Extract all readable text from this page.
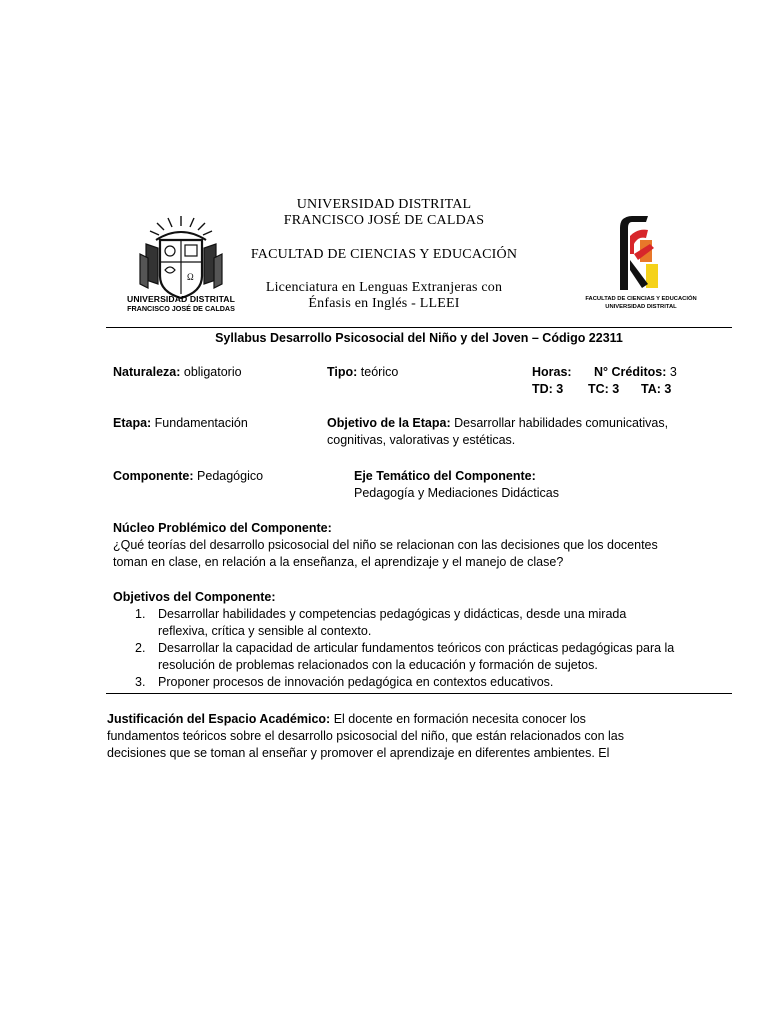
UNIVERSIDAD DISTRITAL
FRANCISCO JOSÉ DE CALDAS
FACULTAD DE CIENCIAS Y EDUCACIÓN
Licenciatura en Lenguas Extranjeras con
Énfasis en Inglés - LLEEI
Ω
UNIVERSIDAD DISTRITAL
FRANCISCO JOSÉ DE CALDAS
FACULTAD DE CIENCIAS Y EDUCACIÓN
UNIVERSIDAD DISTRITAL
Syllabus Desarrollo Psicosocial del Niño y del Joven – Código 22311
Naturaleza: obligatorio	Tipo: teórico	Horas: N° Créditos: 3
TD: 3 TC: 3 TA: 3
Etapa: Fundamentación	Objetivo de la Etapa: Desarrollar habilidades comunicativas,
cognitivas, valorativas y estéticas.
Componente: Pedagógico	Eje Temático del Componente:
Pedagogía y Mediaciones Didácticas
Núcleo Problémico del Componente:
¿Qué teorías del desarrollo psicosocial del niño se relacionan con las decisiones que los docentes
toman en clase, en relación a la enseñanza, el aprendizaje y el manejo de clase?
Objetivos del Componente:
1. Desarrollar habilidades y competencias pedagógicas y didácticas, desde una mirada
reflexiva, crítica y sensible al contexto.
2. Desarrollar la capacidad de articular fundamentos teóricos con prácticas pedagógicas para la
resolución de problemas relacionados con la educación y formación de sujetos.
3. Proponer procesos de innovación pedagógica en contextos educativos.
Justificación del Espacio Académico: El docente en formación necesita conocer los
fundamentos teóricos sobre el desarrollo psicosocial del niño, que están relacionados con las
decisiones que se toman al enseñar y promover el aprendizaje en diferentes ambientes. El
